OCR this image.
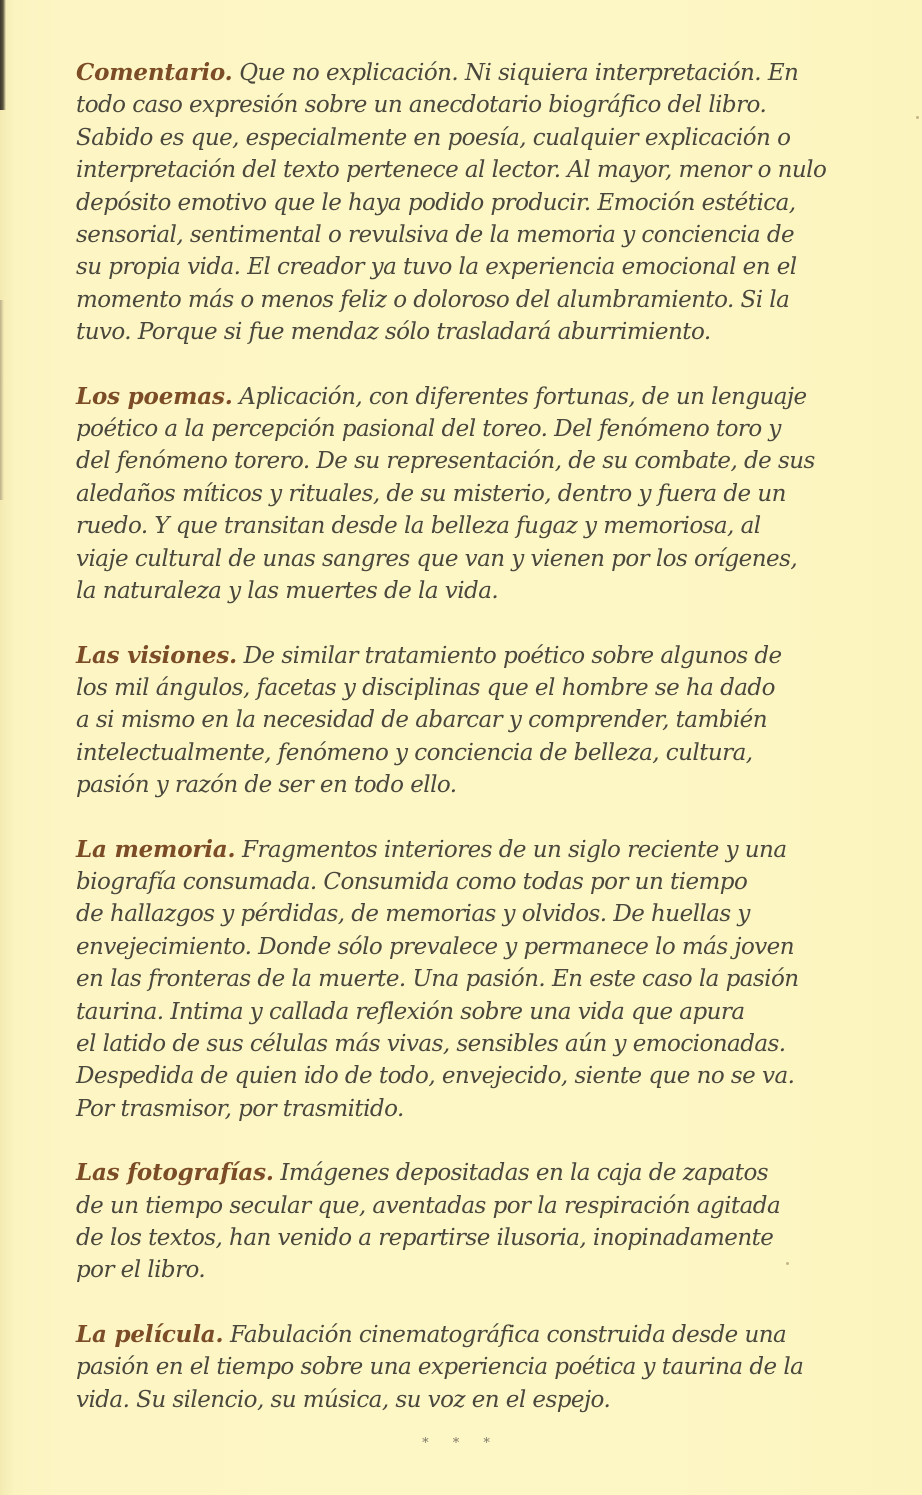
Comentario. Que no explicación. Ni siquiera interpretación. En
todo caso expresión sobre un anecdotario biográfico del libro.
Sabido es que, especialmente en poesía, cualquier explicación o
interpretación del texto pertenece al lector. Al mayor, menor o nulo
depósito emotivo que le haya podido producir. Emoción estética,
sensorial, sentimental o revulsiva de la memoria y conciencia de
su propia vida. El creador ya tuvo la experiencia emocional en el
momento más o menos feliz o doloroso del alumbramiento. Si la
tuvo. Porque si fue mendaz sólo trasladará aburrimiento.
Los poemas. Aplicación, con diferentes fortunas, de un lenguaje
poético a la percepción pasional del toreo. Del fenómeno toro y
del fenómeno torero. De su representación, de su combate, de sus
aledaños míticos y rituales, de su misterio, dentro y fuera de un
ruedo. Y que transitan desde la belleza fugaz y memoriosa, al
viaje cultural de unas sangres que van y vienen por los orígenes,
la naturaleza y las muertes de la vida.
Las visiones. De similar tratamiento poético sobre algunos de
los mil ángulos, facetas y disciplinas que el hombre se ha dado
a si mismo en la necesidad de abarcar y comprender, también
intelectualmente, fenómeno y conciencia de belleza, cultura,
pasión y razón de ser en todo ello.
La memoria. Fragmentos interiores de un siglo reciente y una
biografía consumada. Consumida como todas por un tiempo
de hallazgos y pérdidas, de memorias y olvidos. De huellas y
envejecimiento. Donde sólo prevalece y permanece lo más joven
en las fronteras de la muerte. Una pasión. En este caso la pasión
taurina. Intima y callada reflexión sobre una vida que apura
el latido de sus células más vivas, sensibles aún y emocionadas.
Despedida de quien ido de todo, envejecido, siente que no se va.
Por trasmisor, por trasmitido.
Las fotografías. Imágenes depositadas en la caja de zapatos
de un tiempo secular que, aventadas por la respiración agitada
de los textos, han venido a repartirse ilusoria, inopinadamente
por el libro.
La película. Fabulación cinematográfica construida desde una
pasión en el tiempo sobre una experiencia poética y taurina de la
vida. Su silencio, su música, su voz en el espejo.
* * *
